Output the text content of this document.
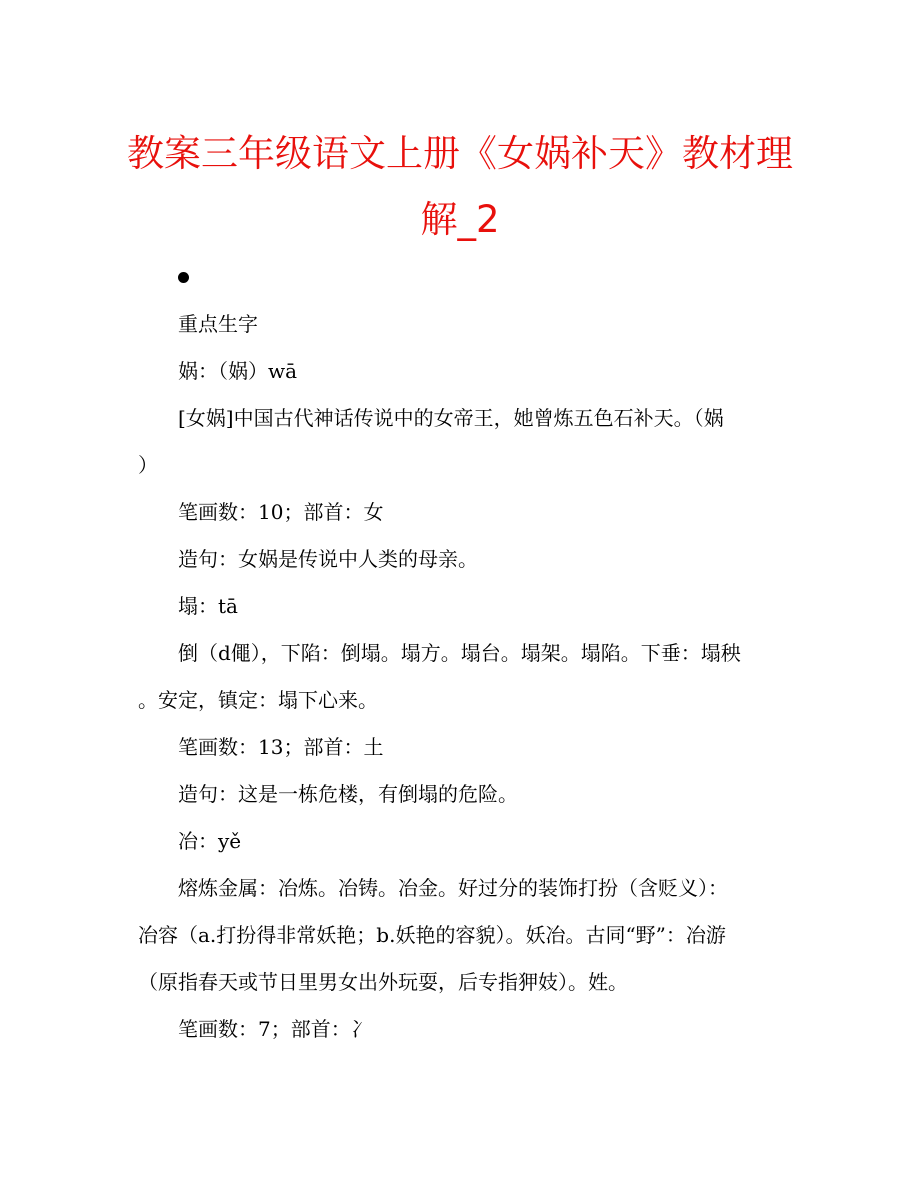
教案三年级语文上册《女娲补天》教材理
解_2
重点生字
娲：（娲）wā
[女娲]中国古代神话传说中的女帝王，她曾炼五色石补天。（娲
）
笔画数：10；部首：女
造句：女娲是传说中人类的母亲。
塌：tā
倒（d僶），下陷：倒塌。塌方。塌台。塌架。塌陷。下垂：塌秧
。安定，镇定：塌下心来。
笔画数：13；部首：土
造句：这是一栋危楼，有倒塌的危险。
冶：yě
熔炼金属：冶炼。冶铸。冶金。好过分的装饰打扮（含贬义）：
冶容（a.打扮得非常妖艳；b.妖艳的容貌）。妖冶。古同“野”：冶游
（原指春天或节日里男女出外玩耍，后专指狎妓）。姓。
笔画数：7；部首：冫
